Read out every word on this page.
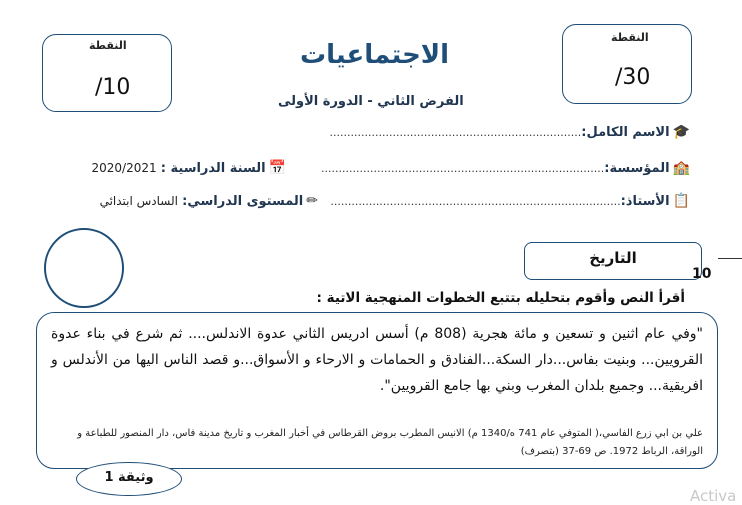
النقطة
/10
النقطة
/30
الاجتماعيات
الفرض الثاني - الدورة الأولى
🎓الاسم الكامل:........................................................................
🏫المؤسسة:.................................................................................
📅السنة الدراسية : 2020/2021
📋الأستاذ:...................................................................................
✏المستوى الدراسي: السادس ابتدائي
التاريخ
10
أقرأ النص وأقوم بتحليله بتتبع الخطوات المنهجية الاتية :
"وفي عام اثنين و تسعين و مائة هجرية (808 م) أسس ادريس الثاني عدوة الاندلس.... ثم شرع في بناء عدوة القرويين... وبنيت بفاس...دار السكة...الفنادق و الحمامات و الارحاء و الأسواق...و قصد الناس اليها من الأندلس و افريقية... وجميع بلدان المغرب وبني بها جامع القرويين".
علي بن ابي زرع الفاسي،( المتوفي عام 741 ه/1340 م) الانيس المطرب بروض القرطاس في أخبار المغرب و تاريخ مدينة فاس، دار المنصور للطباعة و الوراقة، الرباط 1972. ص 69-37 (بتصرف)
وثيقة 1
Activa
